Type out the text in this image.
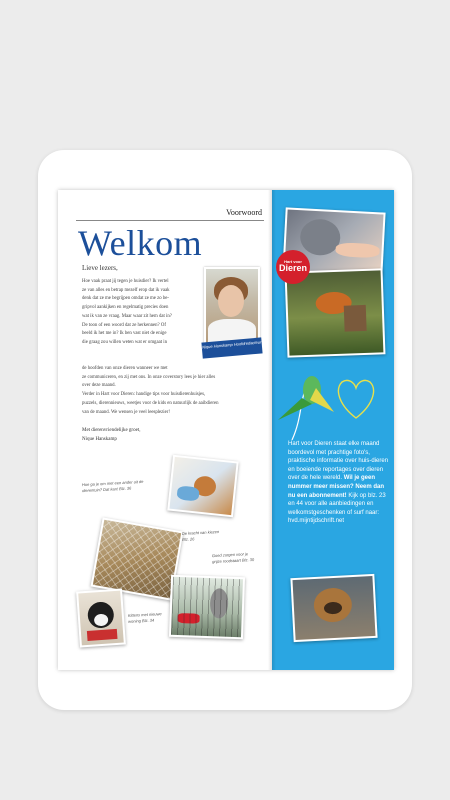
Voorwoord
Welkom
Lieve lezers,

Hoe vaak praat jij tegen je huisdier? Ik vertel

ze van alles en betrap mezelf erop dat ik vaak

denk dat ze me begrijpen omdat ze me zo be-

gripvol aankijken en regelmatig precies doen

wat ik van ze vraag. Maar waar zit hem dat in?

De toon of een woord dat ze herkennen? Of

beeld ik het me in? Ik ben vast niet de enige

die graag zou willen weten wat er omgaat in

de hoofden van onze dieren wanneer we met

ze communiceren, en zij met ons. In onze coverstory lees je hier alles

over deze maand.

Verder in Hart voor Dieren: handige tips voor huisdierenhuisjes,

puzzels, dierennieuws, weetjes voor de kids en natuurlijk de aaibdieren

van de maand. We wensen je veel leesplezier!

Met dierenvriendelijke groet,

Nique Hanskamp

Nique Hanskamp Hoofdredacteur
Hoe ga je om met een ander uit de dierentuin? Dat kan! Blz. 36
De kracht van kiezen Blz. 26
Goed zorgen voor je grijze roodstaart Blz. 30
Kittens met nieuwe woning Blz. 34
Hart voor
Dieren
Hart voor Dieren staat elke maand boordevol met prachtige foto's, praktische informatie over huis-dieren en boeiende reportages over dieren over de hele wereld. Wil je geen nummer meer missen? Neem dan nu een abonnement! Kijk op blz. 23 en 44 voor alle aanbiedingen en welkomstgeschenken of surf naar: hvd.mijntijdschrift.net
